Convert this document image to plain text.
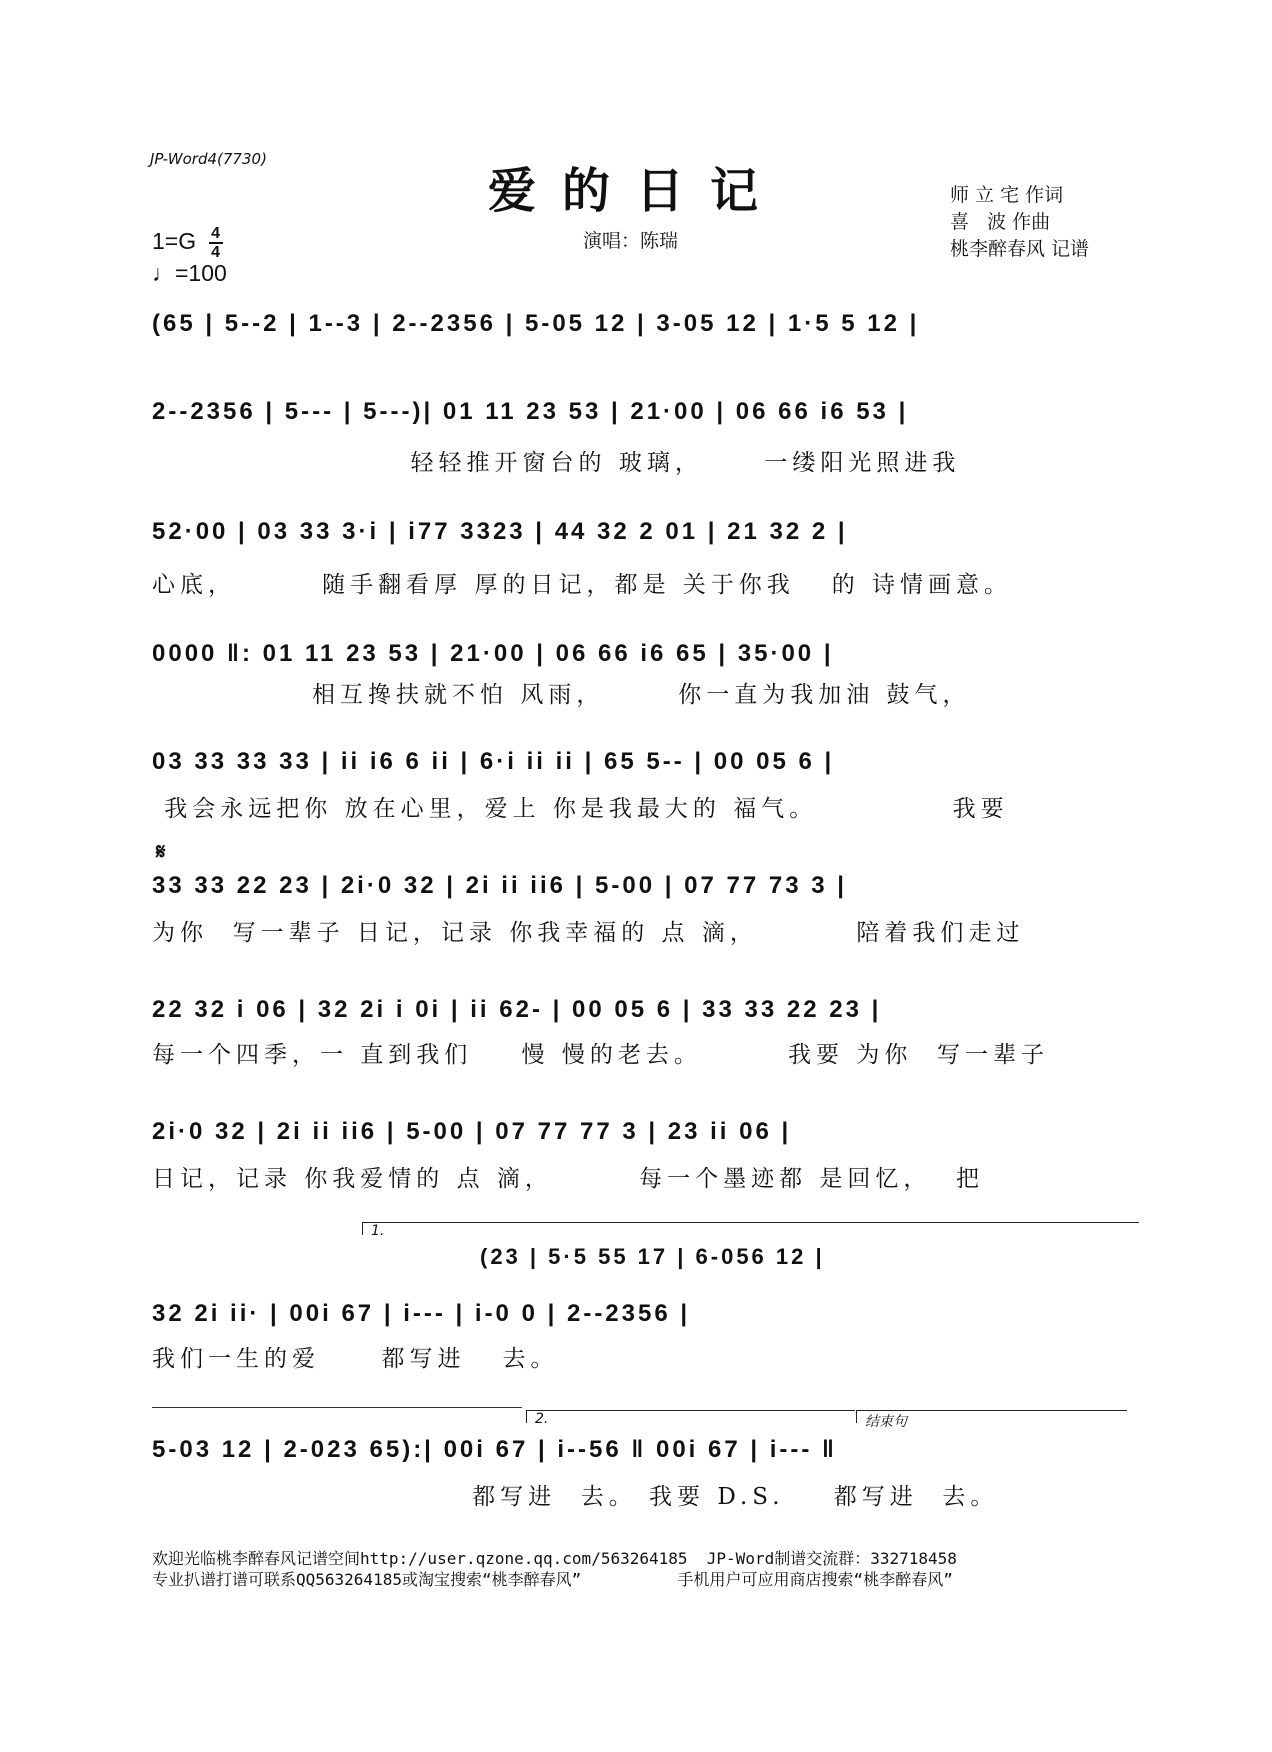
JP-Word4(7730)
爱的日记
演唱：陈瑞
师 立 宅 作词
喜   波 作曲
桃李醉春风 记谱
$1=G \frac{4}{4}$
♩=100
(65 | 5--2 | 1--3 | 2--2356 | 5-05 12 | 3-05 12 | 1·5 5 12 |
2--2356 | 5--- | 5---)| 01 11 23 53 | 21·00 | 06 66 i6 53 |
轻轻推开窗台的 玻璃，     一缕阳光照进我
52·00 | 03 33 3·i | i77 3323 | 44 32 2 01 | 21 32 2 |
心底，       随手翻看厚 厚的日记，都是 关于你我   的 诗情画意。
0000 ‖: 01 11 23 53 | 21·00 | 06 66 i6 65 | 35·00 |
相互搀扶就不怕 风雨，      你一直为我加油 鼓气，
03 33 33 33 | ii i6 6 ii | 6·i ii ii | 65 5-- | 00 05 6 |
我会永远把你 放在心里，爱上 你是我最大的 福气。           我要
𝄋
33 33 22 23 | 2i·0 32 | 2i ii ii6 | 5-00 | 07 77 73 3 |
为你  写一辈子 日记，记录 你我幸福的 点 滴，        陪着我们走过
22 32 i 06 | 32 2i i 0i | ii 62- | 00 05 6 | 33 33 22 23 |
每一个四季，一 直到我们    慢 慢的老去。       我要 为你  写一辈子
2i·0 32 | 2i ii ii6 | 5-00 | 07 77 77 3 | 23 ii 06 |
日记，记录 你我爱情的 点 滴，       每一个墨迹都 是回忆，  把
1.
(23 | 5·5 55 17 | 6-056 12 |
32 2i ii· | 00i 67 | i--- | i-0 0 | 2--2356 |
我们一生的爱     都写进   去。
2.	结束句
5-03 12 | 2-023 65):| 00i 67 | i--56 ‖ 00i 67 | i--- ‖
都写进  去。 我要 D.S.    都写进  去。
欢迎光临桃李醉春风记谱空间http://user.qzone.qq.com/563264185  JP-Word制谱交流群：332718458
专业扒谱打谱可联系QQ563264185或淘宝搜索“桃李醉春风”          手机用户可应用商店搜索“桃李醉春风”
